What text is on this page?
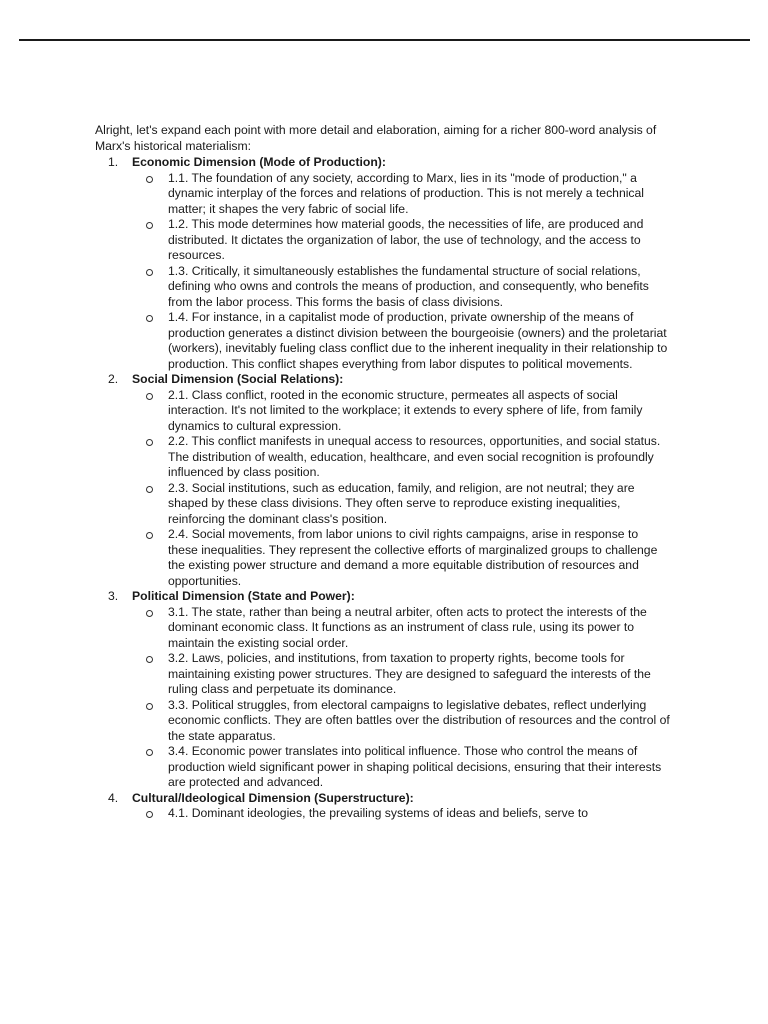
Alright, let's expand each point with more detail and elaboration, aiming for a richer 800-word analysis of Marx's historical materialism:

1. Economic Dimension (Mode of Production):
1.1. The foundation of any society, according to Marx, lies in its "mode of production," a dynamic interplay of the forces and relations of production. This is not merely a technical matter; it shapes the very fabric of social life.
1.2. This mode determines how material goods, the necessities of life, are produced and distributed. It dictates the organization of labor, the use of technology, and the access to resources.
1.3. Critically, it simultaneously establishes the fundamental structure of social relations, defining who owns and controls the means of production, and consequently, who benefits from the labor process. This forms the basis of class divisions.
1.4. For instance, in a capitalist mode of production, private ownership of the means of production generates a distinct division between the bourgeoisie (owners) and the proletariat (workers), inevitably fueling class conflict due to the inherent inequality in their relationship to production. This conflict shapes everything from labor disputes to political movements.
2. Social Dimension (Social Relations):
2.1. Class conflict, rooted in the economic structure, permeates all aspects of social interaction. It's not limited to the workplace; it extends to every sphere of life, from family dynamics to cultural expression.
2.2. This conflict manifests in unequal access to resources, opportunities, and social status. The distribution of wealth, education, healthcare, and even social recognition is profoundly influenced by class position.
2.3. Social institutions, such as education, family, and religion, are not neutral; they are shaped by these class divisions. They often serve to reproduce existing inequalities, reinforcing the dominant class's position.
2.4. Social movements, from labor unions to civil rights campaigns, arise in response to these inequalities. They represent the collective efforts of marginalized groups to challenge the existing power structure and demand a more equitable distribution of resources and opportunities.
3. Political Dimension (State and Power):
3.1. The state, rather than being a neutral arbiter, often acts to protect the interests of the dominant economic class. It functions as an instrument of class rule, using its power to maintain the existing social order.
3.2. Laws, policies, and institutions, from taxation to property rights, become tools for maintaining existing power structures. They are designed to safeguard the interests of the ruling class and perpetuate its dominance.
3.3. Political struggles, from electoral campaigns to legislative debates, reflect underlying economic conflicts. They are often battles over the distribution of resources and the control of the state apparatus.
3.4. Economic power translates into political influence. Those who control the means of production wield significant power in shaping political decisions, ensuring that their interests are protected and advanced.
4. Cultural/Ideological Dimension (Superstructure):
4.1. Dominant ideologies, the prevailing systems of ideas and beliefs, serve to
